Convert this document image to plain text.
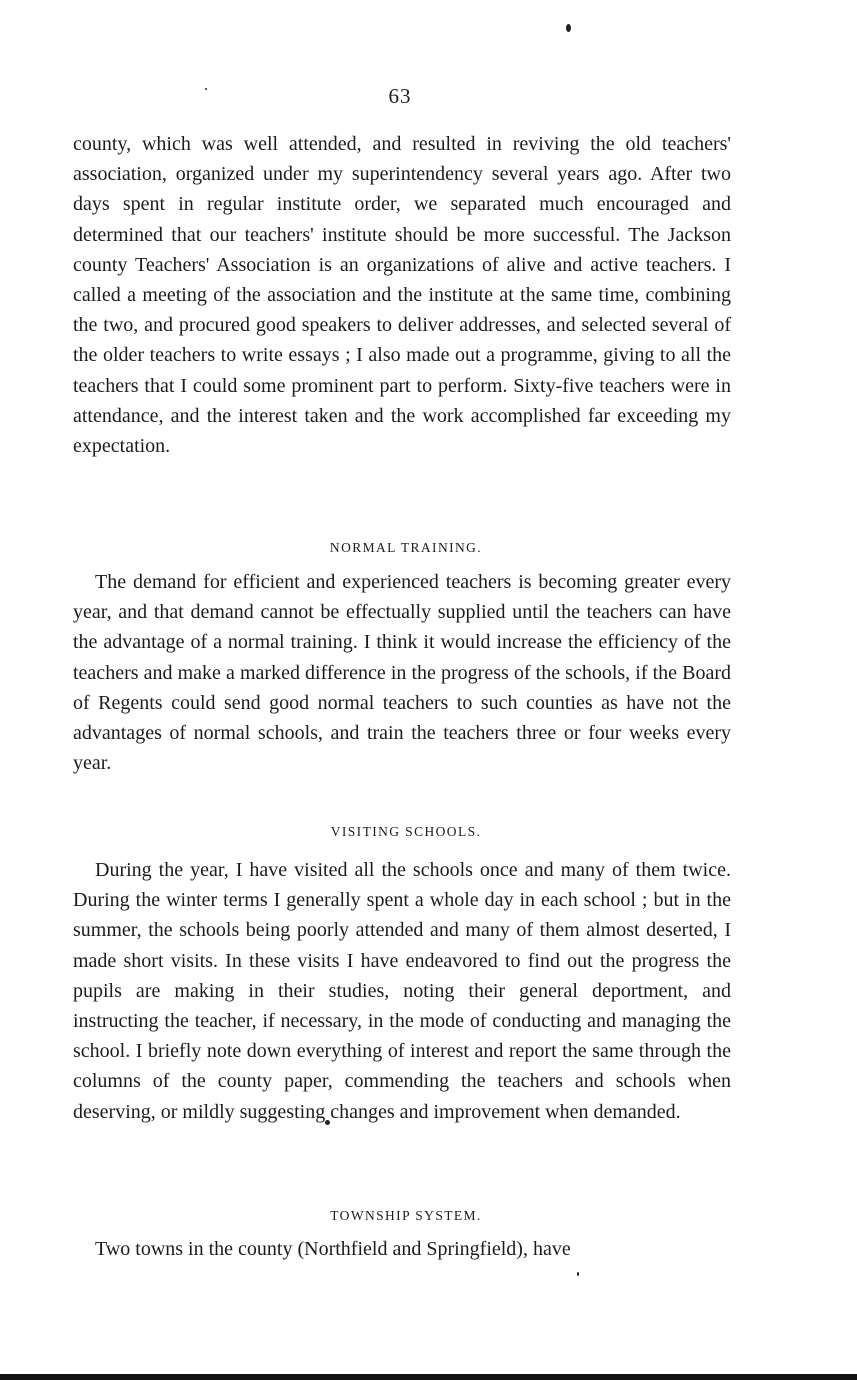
63

county, which was well attended, and resulted in reviving the old teachers' association, organized under my superintendency several years ago. After two days spent in regular institute order, we separated much encouraged and determined that our teachers' institute should be more successful. The Jackson county Teachers' Association is an organizations of alive and active teachers. I called a meeting of the association and the institute at the same time, combining the two, and procured good speakers to deliver addresses, and selected several of the older teachers to write essays ; I also made out a programme, giving to all the teachers that I could some prominent part to perform. Sixty-five teachers were in attendance, and the interest taken and the work accomplished far exceeding my expectation.

NORMAL TRAINING.

The demand for efficient and experienced teachers is becoming greater every year, and that demand cannot be effectually supplied until the teachers can have the advantage of a normal training. I think it would increase the efficiency of the teachers and make a marked difference in the progress of the schools, if the Board of Regents could send good normal teachers to such counties as have not the advantages of normal schools, and train the teachers three or four weeks every year.

VISITING SCHOOLS.

During the year, I have visited all the schools once and many of them twice. During the winter terms I generally spent a whole day in each school ; but in the summer, the schools being poorly attended and many of them almost deserted, I made short visits. In these visits I have endeavored to find out the progress the pupils are making in their studies, noting their general deportment, and instructing the teacher, if necessary, in the mode of conducting and managing the school. I briefly note down everything of interest and report the same through the columns of the county paper, commending the teachers and schools when deserving, or mildly suggesting changes and improvement when demanded.

TOWNSHIP SYSTEM.

Two towns in the county (Northfield and Springfield), have
